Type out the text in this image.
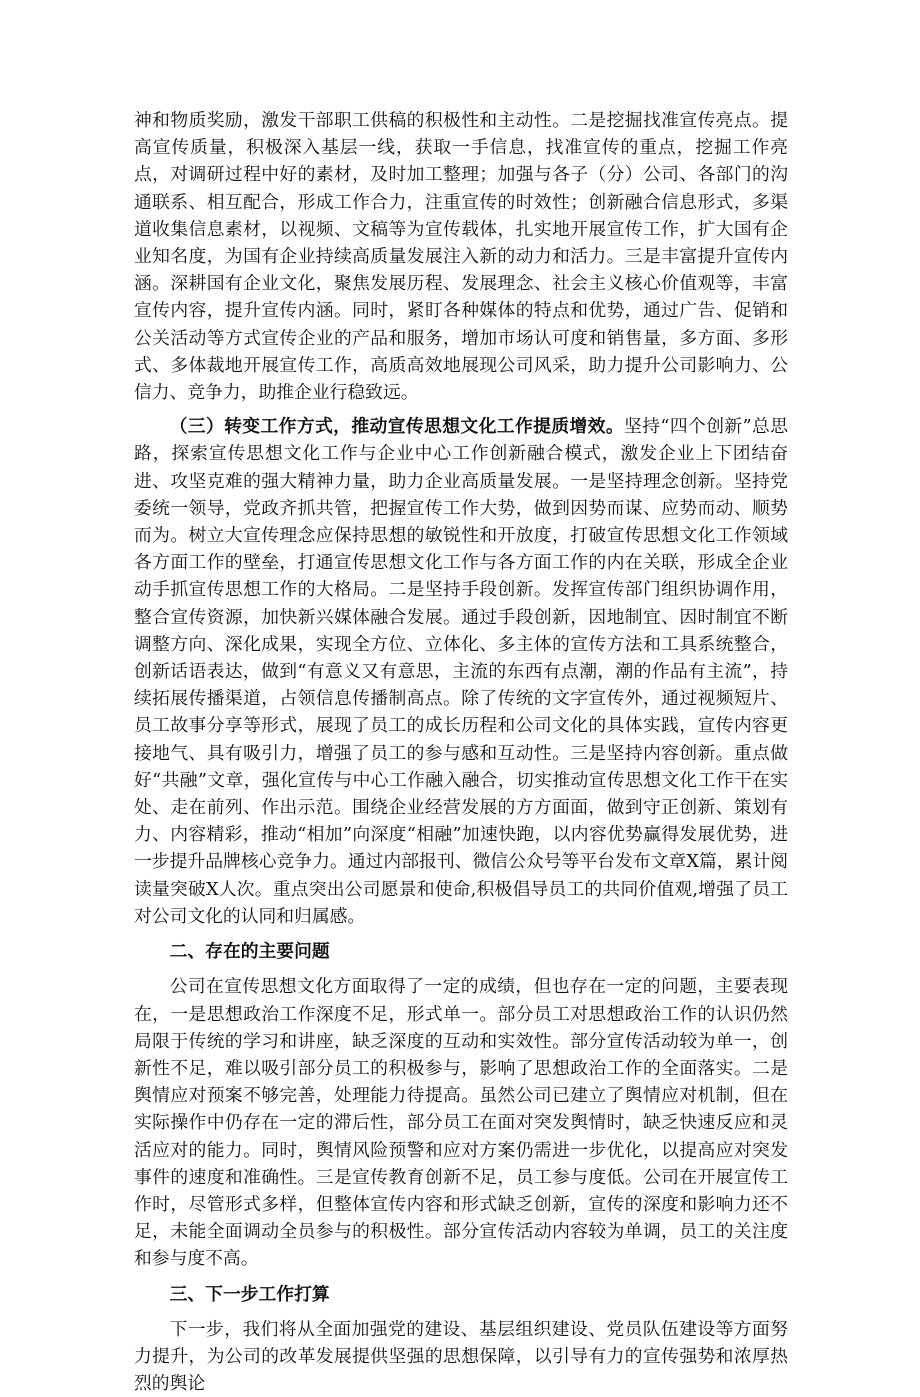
神和物质奖励，激发干部职工供稿的积极性和主动性。二是挖掘找准宣传亮点。提高宣传质量，积极深入基层一线，获取一手信息，找准宣传的重点，挖掘工作亮点，对调研过程中好的素材，及时加工整理；加强与各子（分）公司、各部门的沟通联系、相互配合，形成工作合力，注重宣传的时效性；创新融合信息形式，多渠道收集信息素材，以视频、文稿等为宣传载体，扎实地开展宣传工作，扩大国有企业知名度，为国有企业持续高质量发展注入新的动力和活力。三是丰富提升宣传内涵。深耕国有企业文化，聚焦发展历程、发展理念、社会主义核心价值观等，丰富宣传内容，提升宣传内涵。同时，紧盯各种媒体的特点和优势，通过广告、促销和公关活动等方式宣传企业的产品和服务，增加市场认可度和销售量，多方面、多形式、多体裁地开展宣传工作，高质高效地展现公司风采，助力提升公司影响力、公信力、竞争力，助推企业行稳致远。

（三）转变工作方式，推动宣传思想文化工作提质增效。坚持“四个创新”总思路，探索宣传思想文化工作与企业中心工作创新融合模式，激发企业上下团结奋进、攻坚克难的强大精神力量，助力企业高质量发展。一是坚持理念创新。坚持党委统一领导，党政齐抓共管，把握宣传工作大势，做到因势而谋、应势而动、顺势而为。树立大宣传理念应保持思想的敏锐性和开放度，打破宣传思想文化工作领域各方面工作的壁垒，打通宣传思想文化工作与各方面工作的内在关联，形成全企业动手抓宣传思想工作的大格局。二是坚持手段创新。发挥宣传部门组织协调作用，整合宣传资源，加快新兴媒体融合发展。通过手段创新，因地制宜、因时制宜不断调整方向、深化成果，实现全方位、立体化、多主体的宣传方法和工具系统整合，创新话语表达，做到“有意义又有意思，主流的东西有点潮，潮的作品有主流”，持续拓展传播渠道，占领信息传播制高点。除了传统的文字宣传外，通过视频短片、员工故事分享等形式，展现了员工的成长历程和公司文化的具体实践，宣传内容更接地气、具有吸引力，增强了员工的参与感和互动性。三是坚持内容创新。重点做好“共融”文章，强化宣传与中心工作融入融合，切实推动宣传思想文化工作干在实处、走在前列、作出示范。围绕企业经营发展的方方面面，做到守正创新、策划有力、内容精彩，推动“相加”向深度“相融”加速快跑，以内容优势赢得发展优势，进一步提升品牌核心竞争力。通过内部报刊、微信公众号等平台发布文章X篇，累计阅读量突破X人次。重点突出公司愿景和使命,积极倡导员工的共同价值观,增强了员工对公司文化的认同和归属感。

二、存在的主要问题

公司在宣传思想文化方面取得了一定的成绩，但也存在一定的问题，主要表现在，一是思想政治工作深度不足，形式单一。部分员工对思想政治工作的认识仍然局限于传统的学习和讲座，缺乏深度的互动和实效性。部分宣传活动较为单一，创新性不足，难以吸引部分员工的积极参与，影响了思想政治工作的全面落实。二是舆情应对预案不够完善，处理能力待提高。虽然公司已建立了舆情应对机制，但在实际操作中仍存在一定的滞后性，部分员工在面对突发舆情时，缺乏快速反应和灵活应对的能力。同时，舆情风险预警和应对方案仍需进一步优化，以提高应对突发事件的速度和准确性。三是宣传教育创新不足，员工参与度低。公司在开展宣传工作时，尽管形式多样，但整体宣传内容和形式缺乏创新，宣传的深度和影响力还不足，未能全面调动全员参与的积极性。部分宣传活动内容较为单调，员工的关注度和参与度不高。

三、下一步工作打算

下一步，我们将从全面加强党的建设、基层组织建设、党员队伍建设等方面努力提升，为公司的改革发展提供坚强的思想保障，以引导有力的宣传强势和浓厚热烈的舆论
